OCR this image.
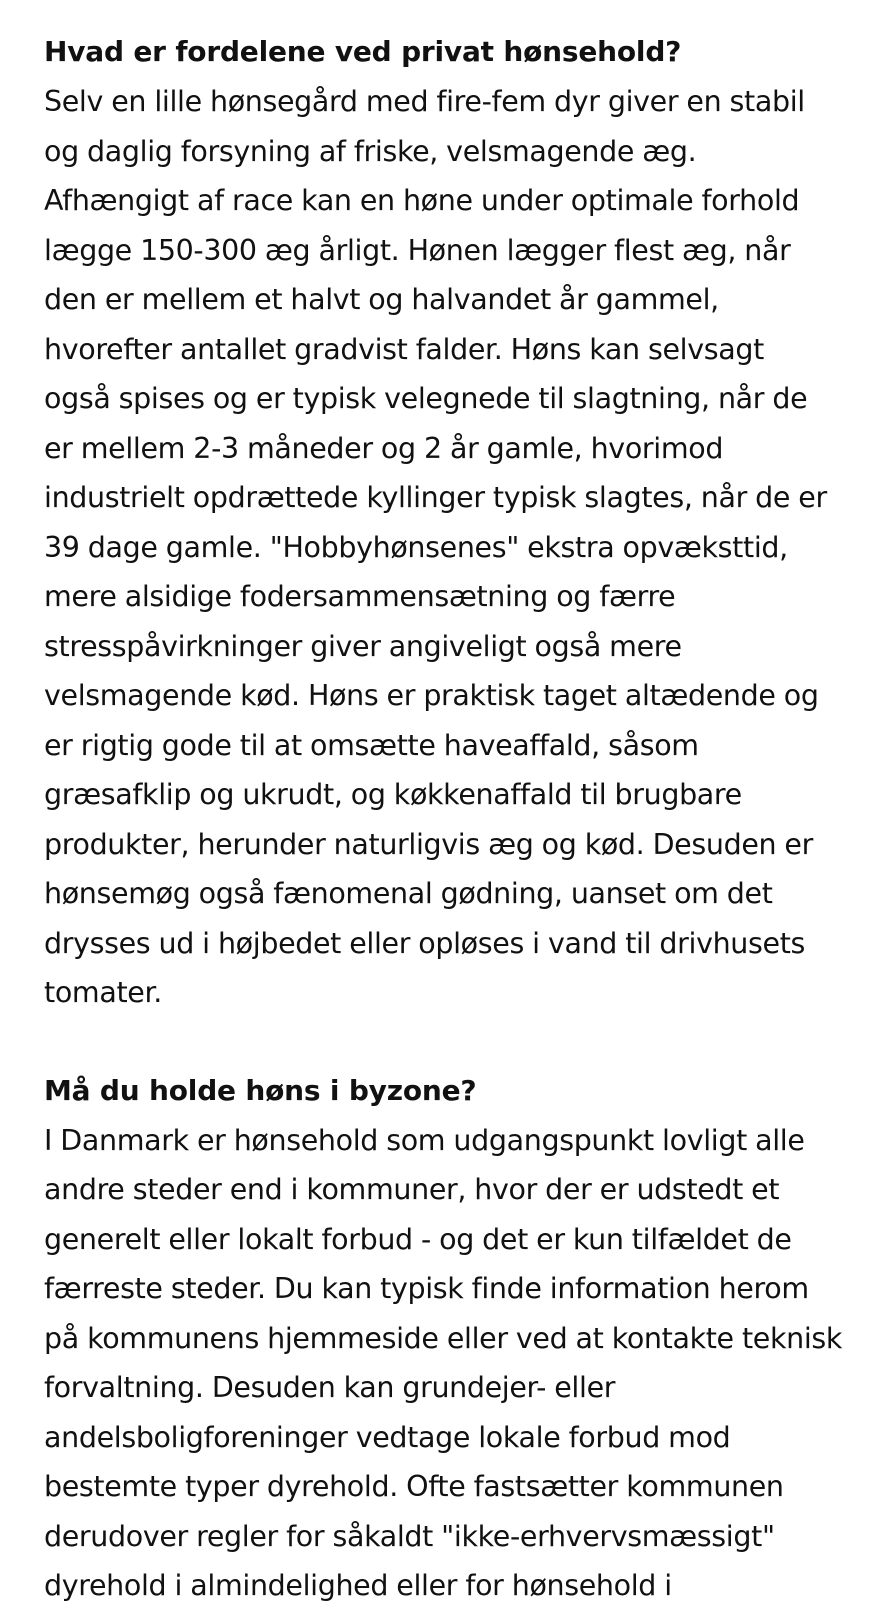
Hvad er fordelene ved privat hønsehold?

Selv en lille hønsegård med fire-fem dyr giver en stabil
og daglig forsyning af friske, velsmagende æg.
Afhængigt af race kan en høne under optimale forhold
lægge 150-300 æg årligt. Hønen lægger flest æg, når
den er mellem et halvt og halvandet år gammel,
hvorefter antallet gradvist falder. Høns kan selvsagt
også spises og er typisk velegnede til slagtning, når de
er mellem 2-3 måneder og 2 år gamle, hvorimod
industrielt opdrættede kyllinger typisk slagtes, når de er
39 dage gamle. "Hobbyhønsenes" ekstra opvæksttid,
mere alsidige fodersammensætning og færre
stresspåvirkninger giver angiveligt også mere
velsmagende kød. Høns er praktisk taget altædende og
er rigtig gode til at omsætte haveaffald, såsom
græsafklip og ukrudt, og køkkenaffald til brugbare
produkter, herunder naturligvis æg og kød. Desuden er
hønsemøg også fænomenal gødning, uanset om det
drysses ud i højbedet eller opløses i vand til drivhusets
tomater.

Må du holde høns i byzone?

I Danmark er hønsehold som udgangspunkt lovligt alle
andre steder end i kommuner, hvor der er udstedt et
generelt eller lokalt forbud - og det er kun tilfældet de
færreste steder. Du kan typisk finde information herom
på kommunens hjemmeside eller ved at kontakte teknisk
forvaltning. Desuden kan grundejer- eller
andelsboligforeninger vedtage lokale forbud mod
bestemte typer dyrehold. Ofte fastsætter kommunen
derudover regler for såkaldt "ikke-erhvervsmæssigt"
dyrehold i almindelighed eller for hønsehold i
